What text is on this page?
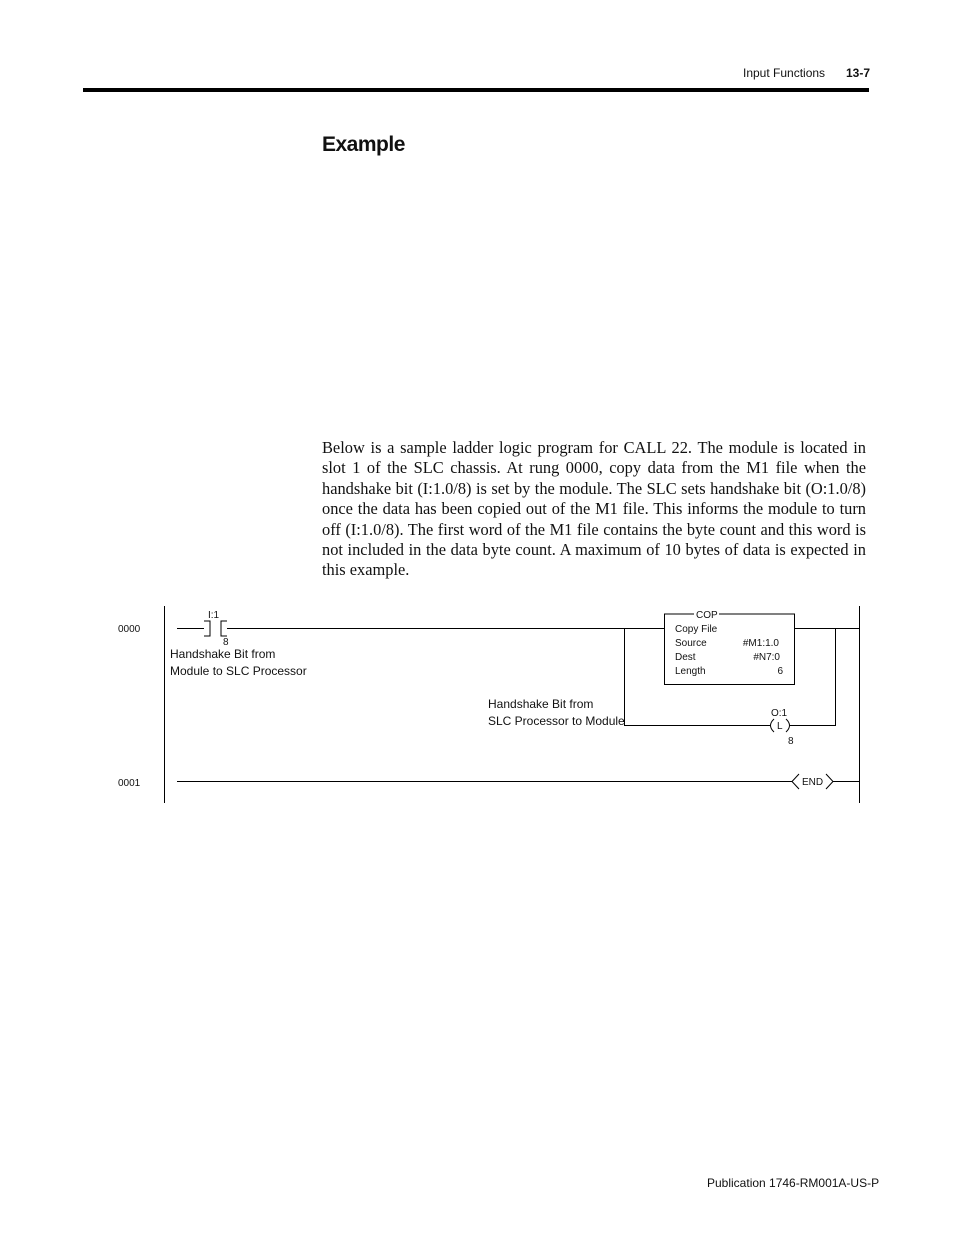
Input Functions 13-7
Example

Below is a sample ladder logic program for CALL 22. The module is located in slot 1 of the SLC chassis. At rung 0000, copy data from the M1 file when the handshake bit (I:1.0/8) is set by the module. The SLC sets handshake bit (O:1.0/8) once the data has been copied out of the M1 file. This informs the module to turn off (I:1.0/8). The first word of the M1 file contains the byte count and this word is not included in the data byte count. A maximum of 10 bytes of data is expected in this example.

0000
I:1
8
Handshake Bit from
Module to SLC Processor
COP
Copy File
Source	#M1:1.0
Dest	#N7:0
Length	6
L
O:1
8
Handshake Bit from
SLC Processor to Module
0001	END
Publication 1746-RM001A-US-P
